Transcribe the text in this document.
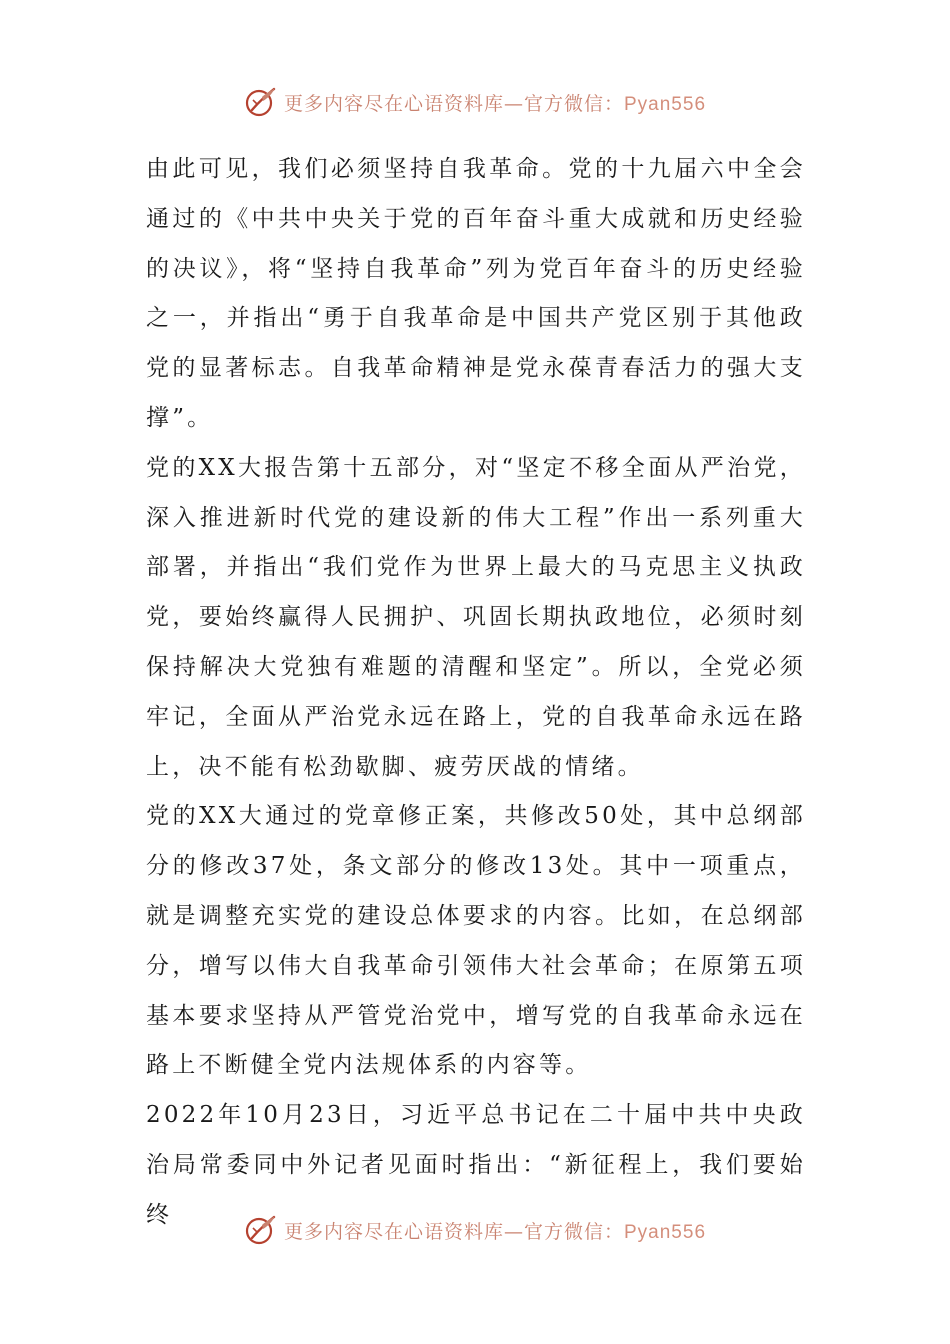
更多内容尽在心语资料库—官方微信：Pyan556

由此可见，我们必须坚持自我革命。党的十九届六中全会通过的《中共中央关于党的百年奋斗重大成就和历史经验的决议》，将“坚持自我革命”列为党百年奋斗的历史经验之一，并指出“勇于自我革命是中国共产党区别于其他政党的显著标志。自我革命精神是党永葆青春活力的强大支撑”。

党的XX大报告第十五部分，对“坚定不移全面从严治党，深入推进新时代党的建设新的伟大工程”作出一系列重大部署，并指出“我们党作为世界上最大的马克思主义执政党，要始终赢得人民拥护、巩固长期执政地位，必须时刻保持解决大党独有难题的清醒和坚定”。所以，全党必须牢记，全面从严治党永远在路上，党的自我革命永远在路上，决不能有松劲歇脚、疲劳厌战的情绪。

党的XX大通过的党章修正案，共修改50处，其中总纲部分的修改37处，条文部分的修改13处。其中一项重点，就是调整充实党的建设总体要求的内容。比如，在总纲部分，增写以伟大自我革命引领伟大社会革命；在原第五项基本要求坚持从严管党治党中，增写党的自我革命永远在路上不断健全党内法规体系的内容等。

2022年10月23日，习近平总书记在二十届中共中央政治局常委同中外记者见面时指出：“新征程上，我们要始终

更多内容尽在心语资料库—官方微信：Pyan556
